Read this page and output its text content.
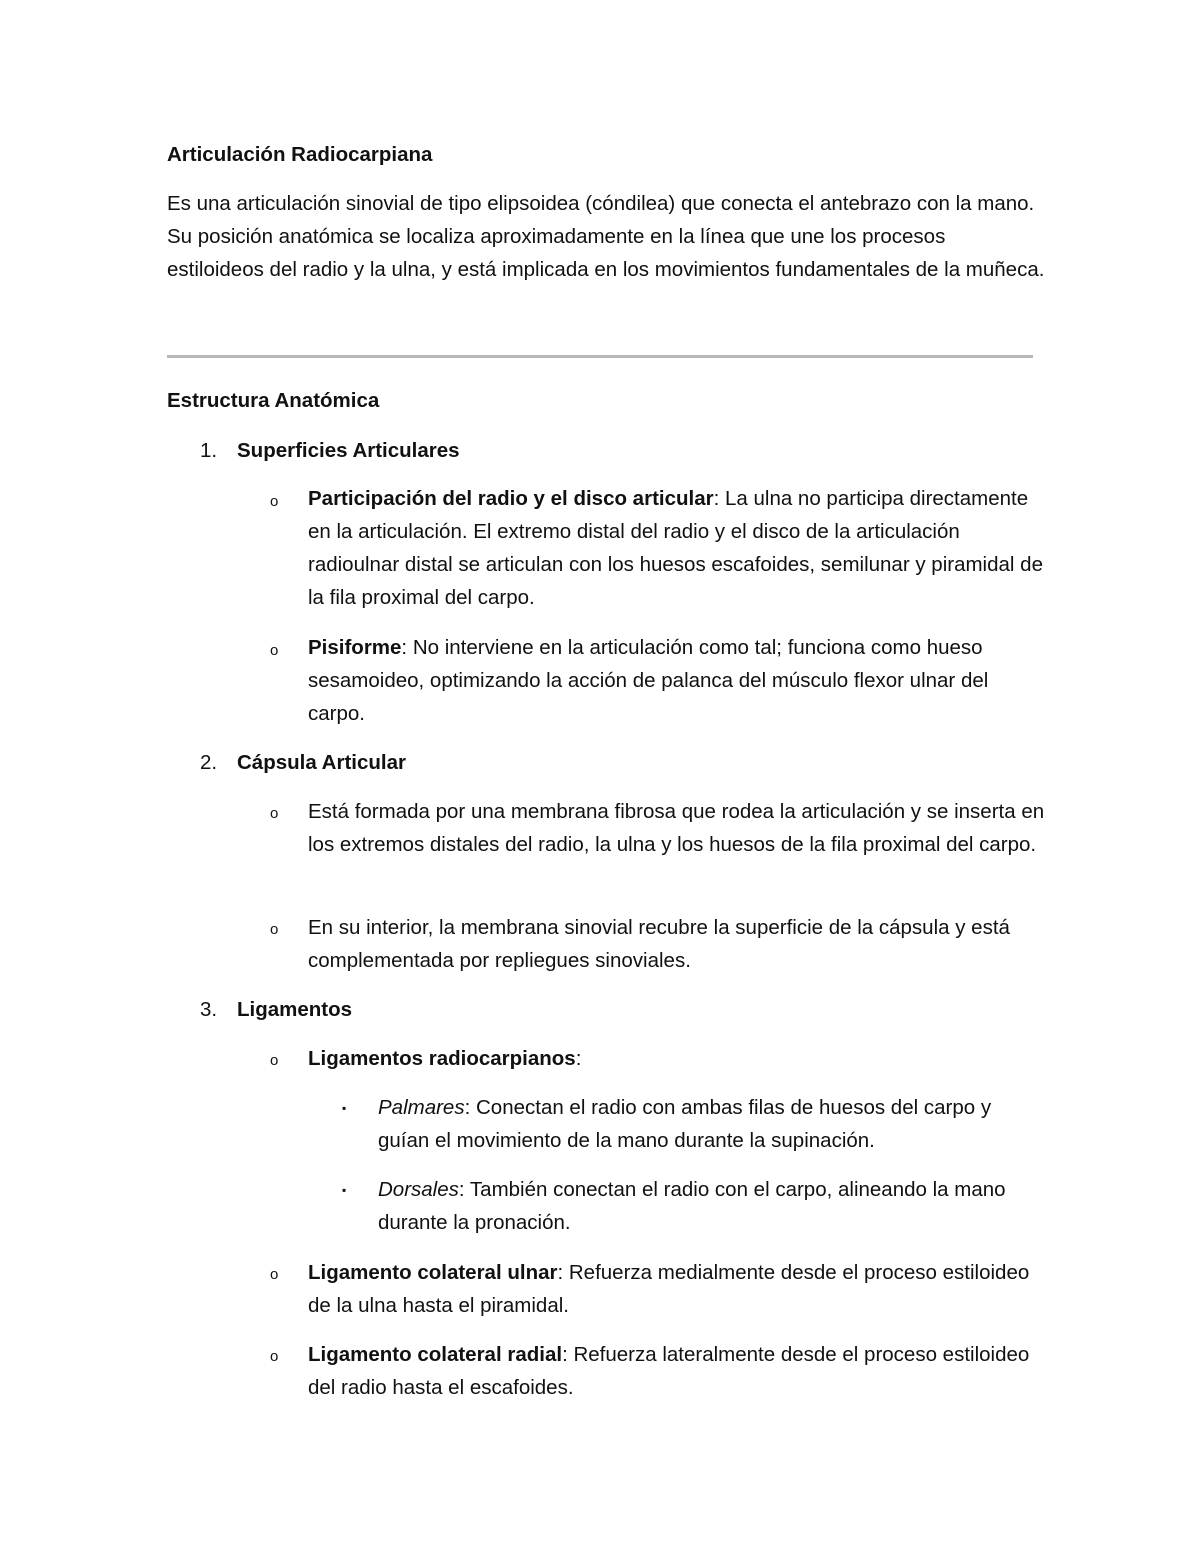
Articulación Radiocarpiana
Es una articulación sinovial de tipo elipsoidea (cóndilea) que conecta el antebrazo con la mano. Su posición anatómica se localiza aproximadamente en la línea que une los procesos estiloideos del radio y la ulna, y está implicada en los movimientos fundamentales de la muñeca.
Estructura Anatómica
1. Superficies Articulares
o Participación del radio y el disco articular: La ulna no participa directamente en la articulación. El extremo distal del radio y el disco de la articulación radioulnar distal se articulan con los huesos escafoides, semilunar y piramidal de la fila proximal del carpo.
o Pisiforme: No interviene en la articulación como tal; funciona como hueso sesamoideo, optimizando la acción de palanca del músculo flexor ulnar del carpo.
2. Cápsula Articular
o Está formada por una membrana fibrosa que rodea la articulación y se inserta en los extremos distales del radio, la ulna y los huesos de la fila proximal del carpo.
o En su interior, la membrana sinovial recubre la superficie de la cápsula y está complementada por repliegues sinoviales.
3. Ligamentos
o Ligamentos radiocarpianos:
▪ Palmares: Conectan el radio con ambas filas de huesos del carpo y guían el movimiento de la mano durante la supinación.
▪ Dorsales: También conectan el radio con el carpo, alineando la mano durante la pronación.
o Ligamento colateral ulnar: Refuerza medialmente desde el proceso estiloideo de la ulna hasta el piramidal.
o Ligamento colateral radial: Refuerza lateralmente desde el proceso estiloideo del radio hasta el escafoides.
